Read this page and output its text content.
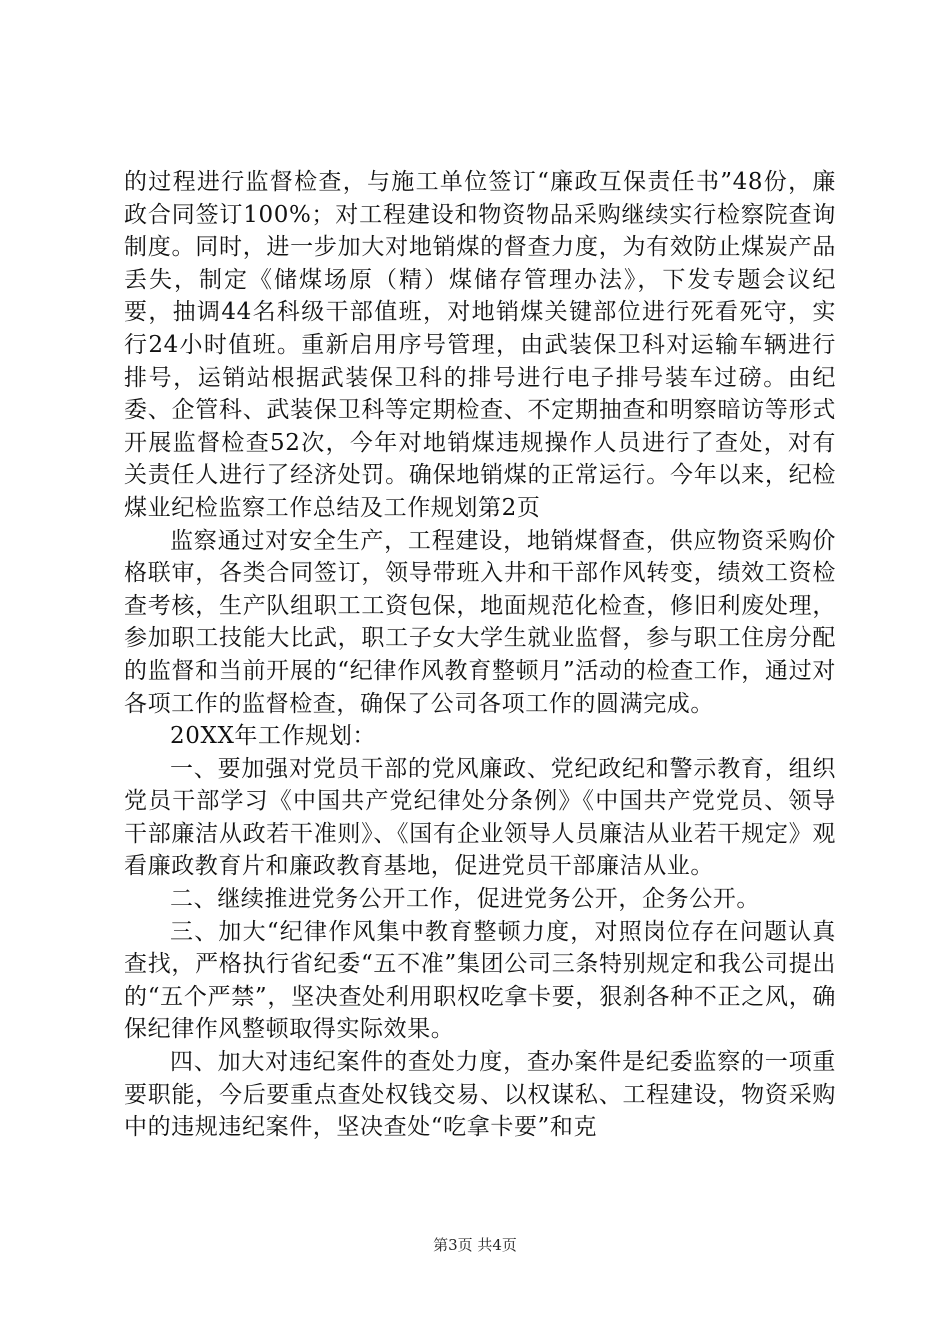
的过程进行监督检查，与施工单位签订“廉政互保责任书”48份，廉政合同签订100%；对工程建设和物资物品采购继续实行检察院查询制度。同时，进一步加大对地销煤的督查力度，为有效防止煤炭产品丢失，制定《储煤场原（精）煤储存管理办法》，下发专题会议纪要，抽调44名科级干部值班，对地销煤关键部位进行死看死守，实行24小时值班。重新启用序号管理，由武装保卫科对运输车辆进行排号，运销站根据武装保卫科的排号进行电子排号装车过磅。由纪委、企管科、武装保卫科等定期检查、不定期抽查和明察暗访等形式开展监督检查52次，今年对地销煤违规操作人员进行了查处，对有关责任人进行了经济处罚。确保地销煤的正常运行。今年以来，纪检煤业纪检监察工作总结及工作规划第2页

监察通过对安全生产，工程建设，地销煤督查，供应物资采购价格联审，各类合同签订，领导带班入井和干部作风转变，绩效工资检查考核，生产队组职工工资包保，地面规范化检查，修旧利废处理，参加职工技能大比武，职工子女大学生就业监督，参与职工住房分配的监督和当前开展的“纪律作风教育整顿月”活动的检查工作，通过对各项工作的监督检查，确保了公司各项工作的圆满完成。

20XX年工作规划：

一、要加强对党员干部的党风廉政、党纪政纪和警示教育，组织党员干部学习《中国共产党纪律处分条例》《中国共产党党员、领导干部廉洁从政若干准则》、《国有企业领导人员廉洁从业若干规定》观看廉政教育片和廉政教育基地，促进党员干部廉洁从业。

二、继续推进党务公开工作，促进党务公开，企务公开。

三、加大“纪律作风集中教育整顿力度，对照岗位存在问题认真查找，严格执行省纪委“五不准”集团公司三条特别规定和我公司提出的“五个严禁”，坚决查处利用职权吃拿卡要，狠刹各种不正之风，确保纪律作风整顿取得实际效果。

四、加大对违纪案件的查处力度，查办案件是纪委监察的一项重要职能，今后要重点查处权钱交易、以权谋私、工程建设，物资采购中的违规违纪案件，坚决查处“吃拿卡要”和克

第3页 共4页
